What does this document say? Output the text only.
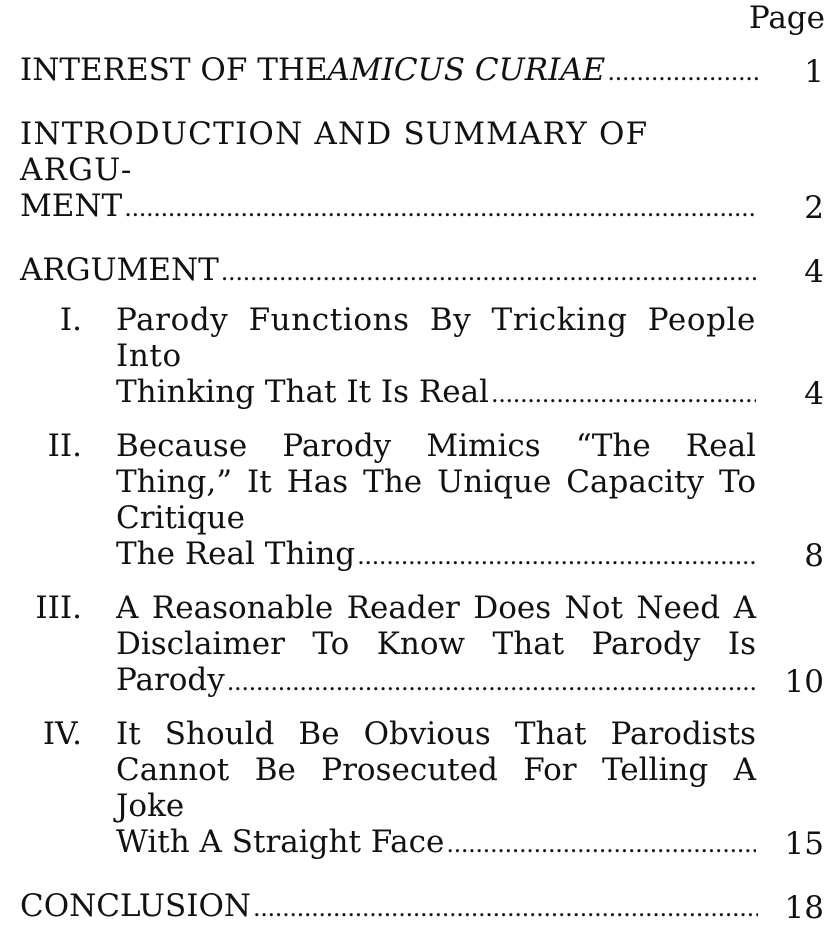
Page
INTEREST OF THE AMICUS CURIAE . . .	1
INTRODUCTION AND SUMMARY OF ARGU-
MENT . . .	2
ARGUMENT . . .	4
I. Parody Functions By Tricking People Into
Thinking That It Is Real . . .	4
II. Because Parody Mimics “The Real Thing,” It Has The Unique Capacity To Critique
The Real Thing . . .	8
III. A Reasonable Reader Does Not Need A Disclaimer To Know That Parody Is
Parody . . .	10
IV. It Should Be Obvious That Parodists Cannot Be Prosecuted For Telling A Joke
With A Straight Face . . .	15
CONCLUSION . . .	18
